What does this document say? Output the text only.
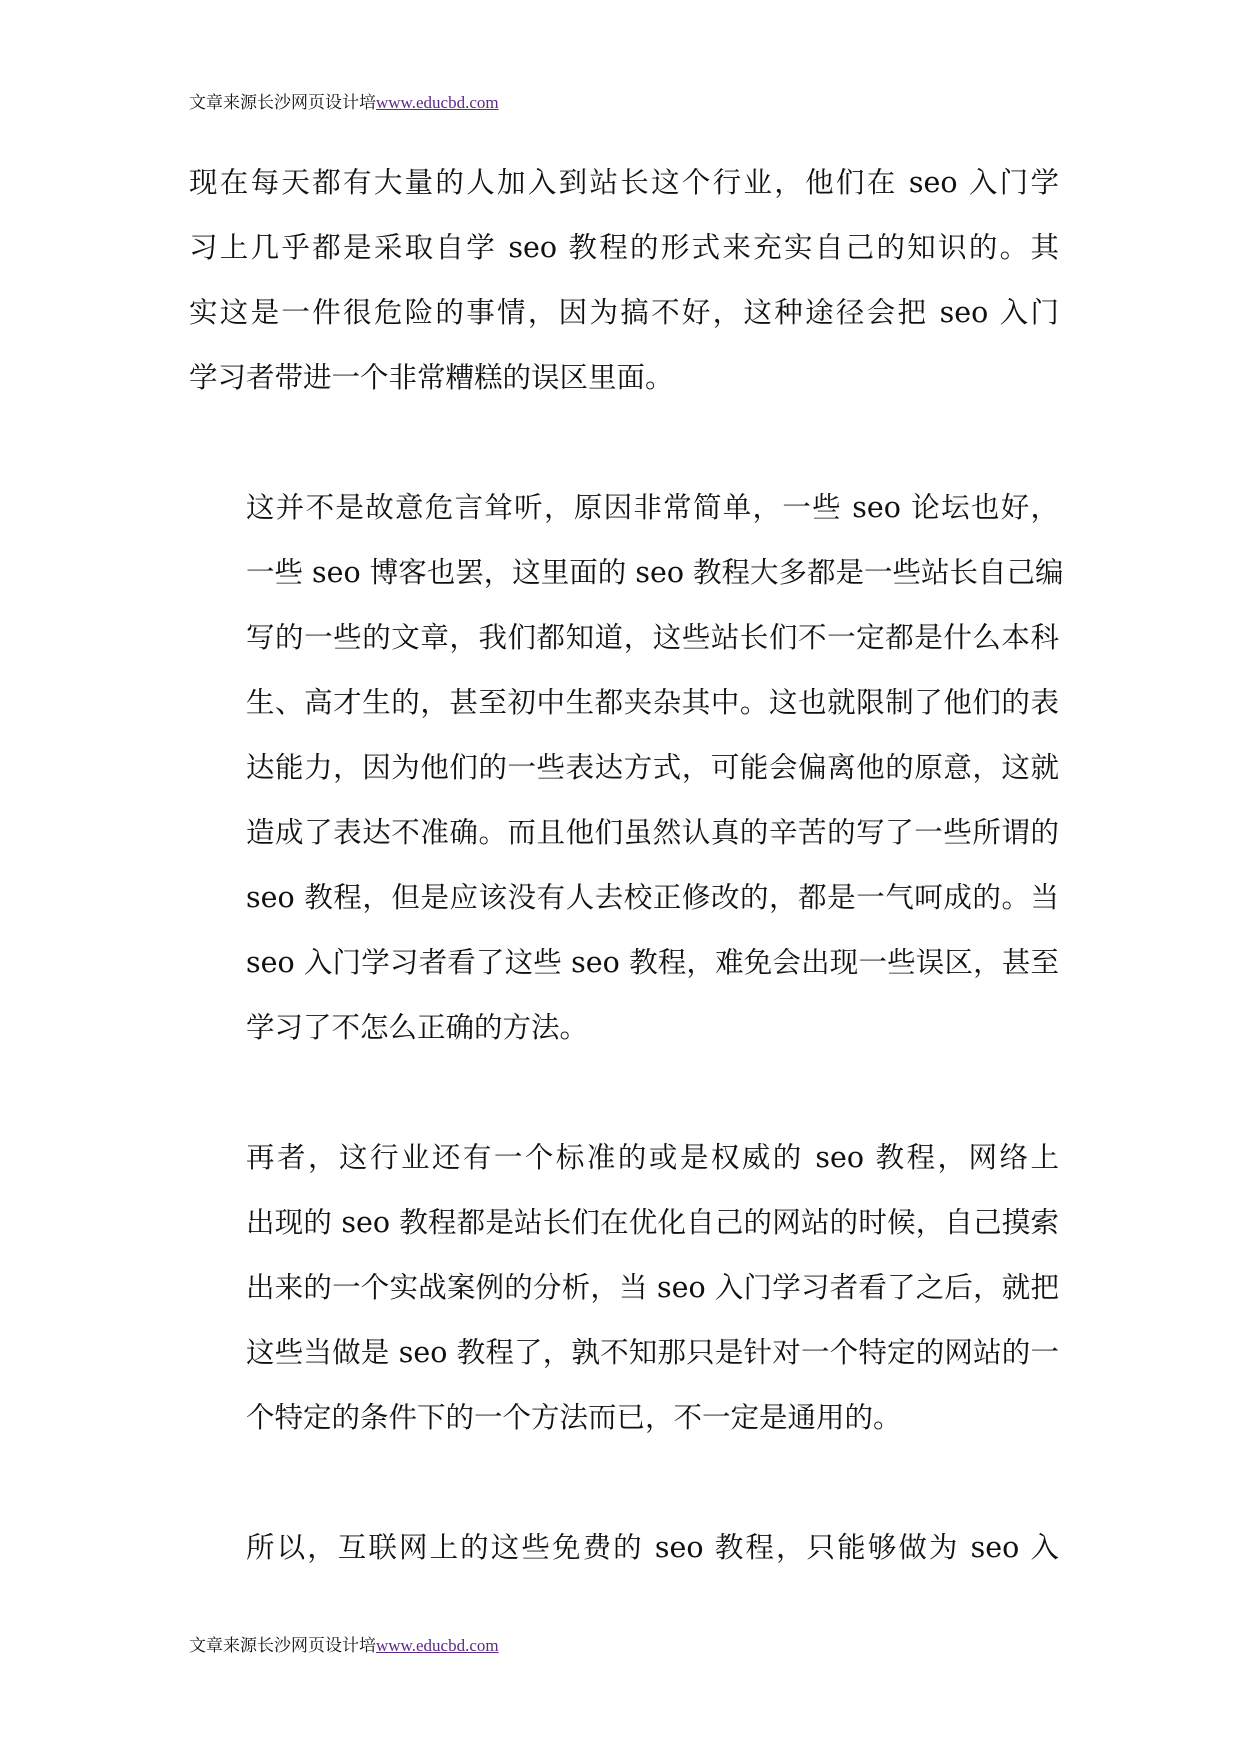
文章来源长沙网页设计培www.educbd.com

现在每天都有大量的人加入到站长这个行业，他们在 seo 入门学
习上几乎都是采取自学 seo 教程的形式来充实自己的知识的。其
实这是一件很危险的事情，因为搞不好，这种途径会把 seo 入门
学习者带进一个非常糟糕的误区里面。

这并不是故意危言耸听，原因非常简单，一些 seo 论坛也好，
一些 seo 博客也罢，这里面的 seo 教程大多都是一些站长自己编
写的一些的文章，我们都知道，这些站长们不一定都是什么本科
生、高才生的，甚至初中生都夹杂其中。这也就限制了他们的表
达能力，因为他们的一些表达方式，可能会偏离他的原意，这就
造成了表达不准确。而且他们虽然认真的辛苦的写了一些所谓的
seo 教程，但是应该没有人去校正修改的，都是一气呵成的。当
seo 入门学习者看了这些 seo 教程，难免会出现一些误区，甚至
学习了不怎么正确的方法。

再者，这行业还有一个标准的或是权威的 seo 教程，网络上
出现的 seo 教程都是站长们在优化自己的网站的时候，自己摸索
出来的一个实战案例的分析，当 seo 入门学习者看了之后，就把
这些当做是 seo 教程了，孰不知那只是针对一个特定的网站的一
个特定的条件下的一个方法而已，不一定是通用的。

所以，互联网上的这些免费的 seo 教程，只能够做为 seo 入

文章来源长沙网页设计培www.educbd.com
